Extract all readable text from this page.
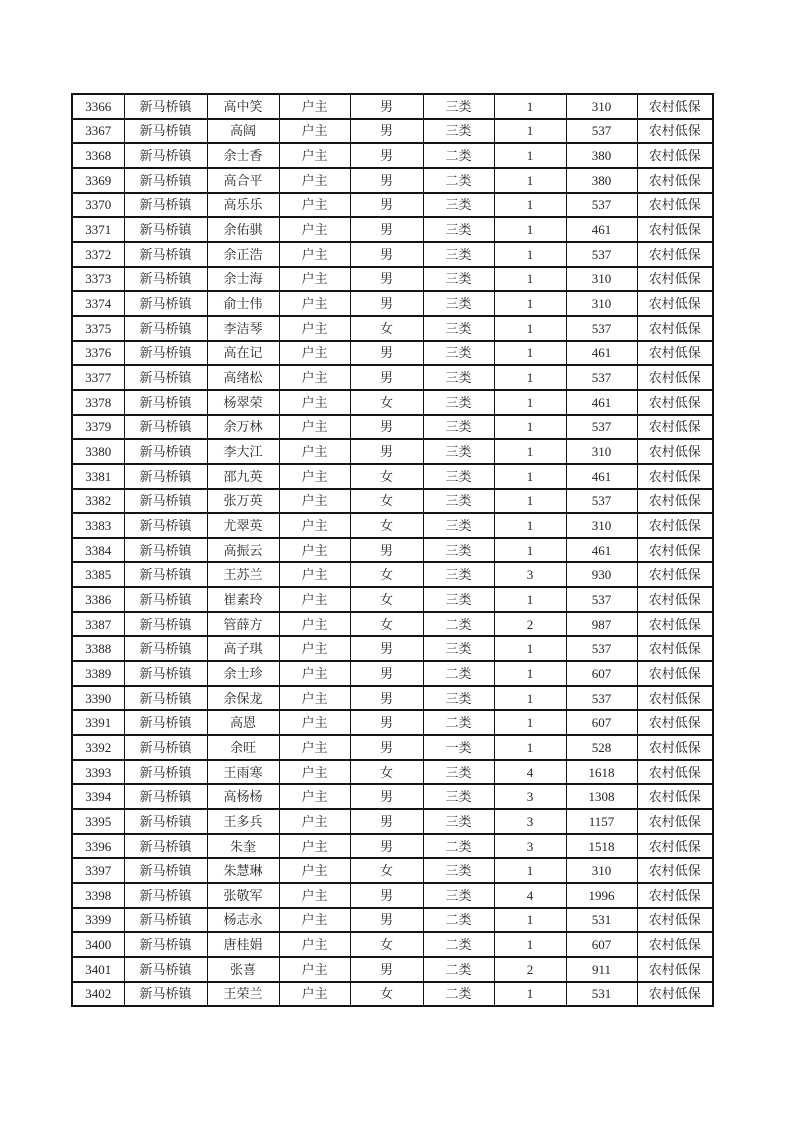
3366	新马桥镇	高中笑	户主	男	三类	1	310	农村低保
3367	新马桥镇	高阔	户主	男	三类	1	537	农村低保
3368	新马桥镇	余士香	户主	男	二类	1	380	农村低保
3369	新马桥镇	高合平	户主	男	二类	1	380	农村低保
3370	新马桥镇	高乐乐	户主	男	三类	1	537	农村低保
3371	新马桥镇	余佑骐	户主	男	三类	1	461	农村低保
3372	新马桥镇	余正浩	户主	男	三类	1	537	农村低保
3373	新马桥镇	余士海	户主	男	三类	1	310	农村低保
3374	新马桥镇	俞士伟	户主	男	三类	1	310	农村低保
3375	新马桥镇	李洁琴	户主	女	三类	1	537	农村低保
3376	新马桥镇	高在记	户主	男	三类	1	461	农村低保
3377	新马桥镇	高绪松	户主	男	三类	1	537	农村低保
3378	新马桥镇	杨翠荣	户主	女	三类	1	461	农村低保
3379	新马桥镇	余万林	户主	男	三类	1	537	农村低保
3380	新马桥镇	李大江	户主	男	三类	1	310	农村低保
3381	新马桥镇	邵九英	户主	女	三类	1	461	农村低保
3382	新马桥镇	张万英	户主	女	三类	1	537	农村低保
3383	新马桥镇	尤翠英	户主	女	三类	1	310	农村低保
3384	新马桥镇	高振云	户主	男	三类	1	461	农村低保
3385	新马桥镇	王苏兰	户主	女	三类	3	930	农村低保
3386	新马桥镇	崔素玲	户主	女	三类	1	537	农村低保
3387	新马桥镇	管薛方	户主	女	二类	2	987	农村低保
3388	新马桥镇	高子琪	户主	男	三类	1	537	农村低保
3389	新马桥镇	余士珍	户主	男	二类	1	607	农村低保
3390	新马桥镇	余保龙	户主	男	三类	1	537	农村低保
3391	新马桥镇	高恩	户主	男	二类	1	607	农村低保
3392	新马桥镇	余旺	户主	男	一类	1	528	农村低保
3393	新马桥镇	王雨寒	户主	女	三类	4	1618	农村低保
3394	新马桥镇	高杨杨	户主	男	三类	3	1308	农村低保
3395	新马桥镇	王多兵	户主	男	三类	3	1157	农村低保
3396	新马桥镇	朱奎	户主	男	二类	3	1518	农村低保
3397	新马桥镇	朱慧琳	户主	女	三类	1	310	农村低保
3398	新马桥镇	张敬军	户主	男	三类	4	1996	农村低保
3399	新马桥镇	杨志永	户主	男	二类	1	531	农村低保
3400	新马桥镇	唐桂娟	户主	女	二类	1	607	农村低保
3401	新马桥镇	张喜	户主	男	二类	2	911	农村低保
3402	新马桥镇	王荣兰	户主	女	二类	1	531	农村低保
